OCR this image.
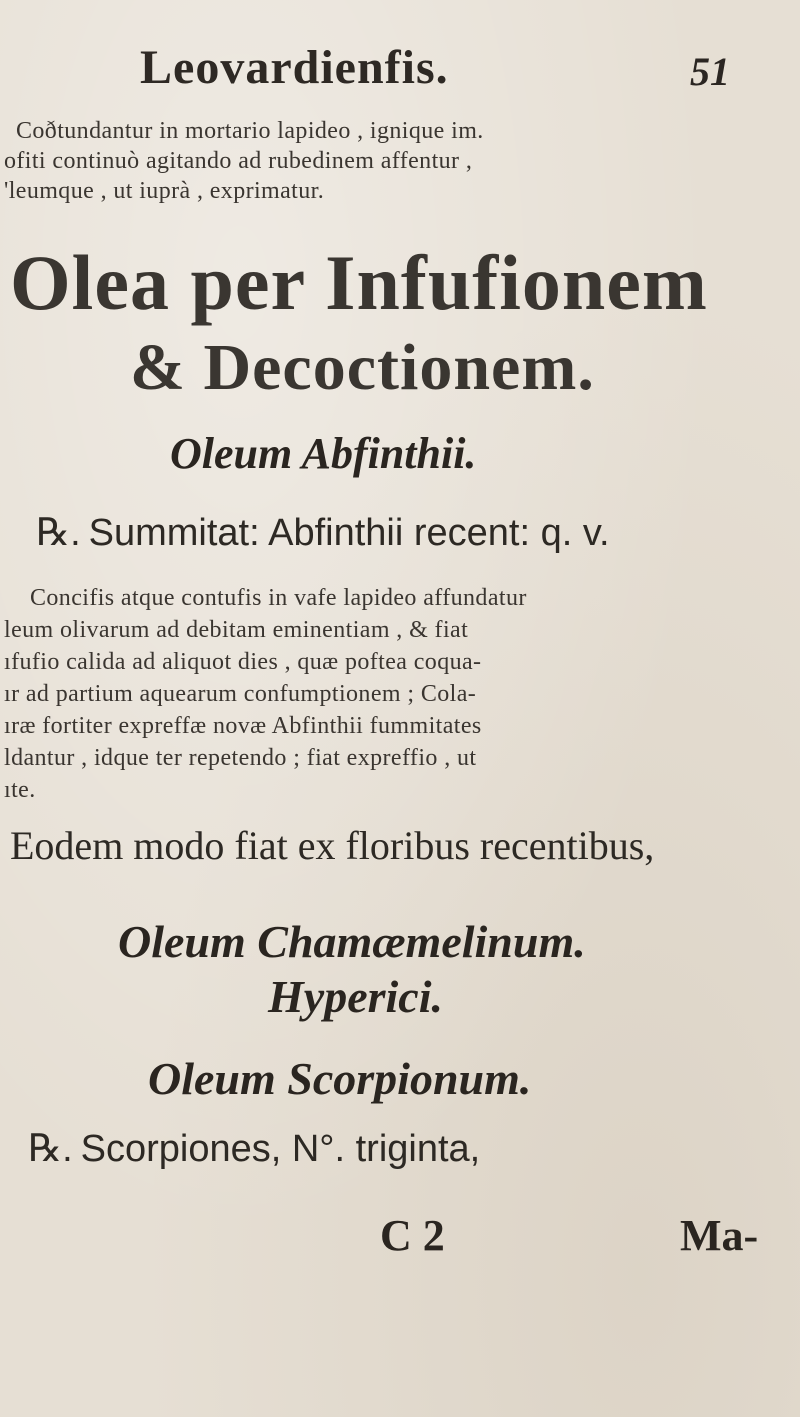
Leovardienfis.	51

Coðtundantur in mortario lapideo , ignique im.

ofiti continuò agitando ad rubedinem affentur ,

'leumque , ut iuprà , exprimatur.

Olea per Infufionem
& Decoctionem.
Oleum Abfinthii.

℞. Summitat: Abfinthii recent: q. v.

Concifis atque contufis in vafe lapideo affundatur

leum olivarum ad debitam eminentiam , & fiat

ıfufio calida ad aliquot dies , quæ poftea coqua-

ır ad partium aquearum confumptionem ; Cola-

ıræ fortiter expreffæ novæ Abfinthii fummitates

ldantur , idque ter repetendo ; fiat expreffio , ut

ıte.

Eodem modo fiat ex floribus recentibus,

Oleum Chamæmelinum.
Hyperici.
Oleum Scorpionum.

℞. Scorpiones, N°. triginta,

C 2	Ma-
